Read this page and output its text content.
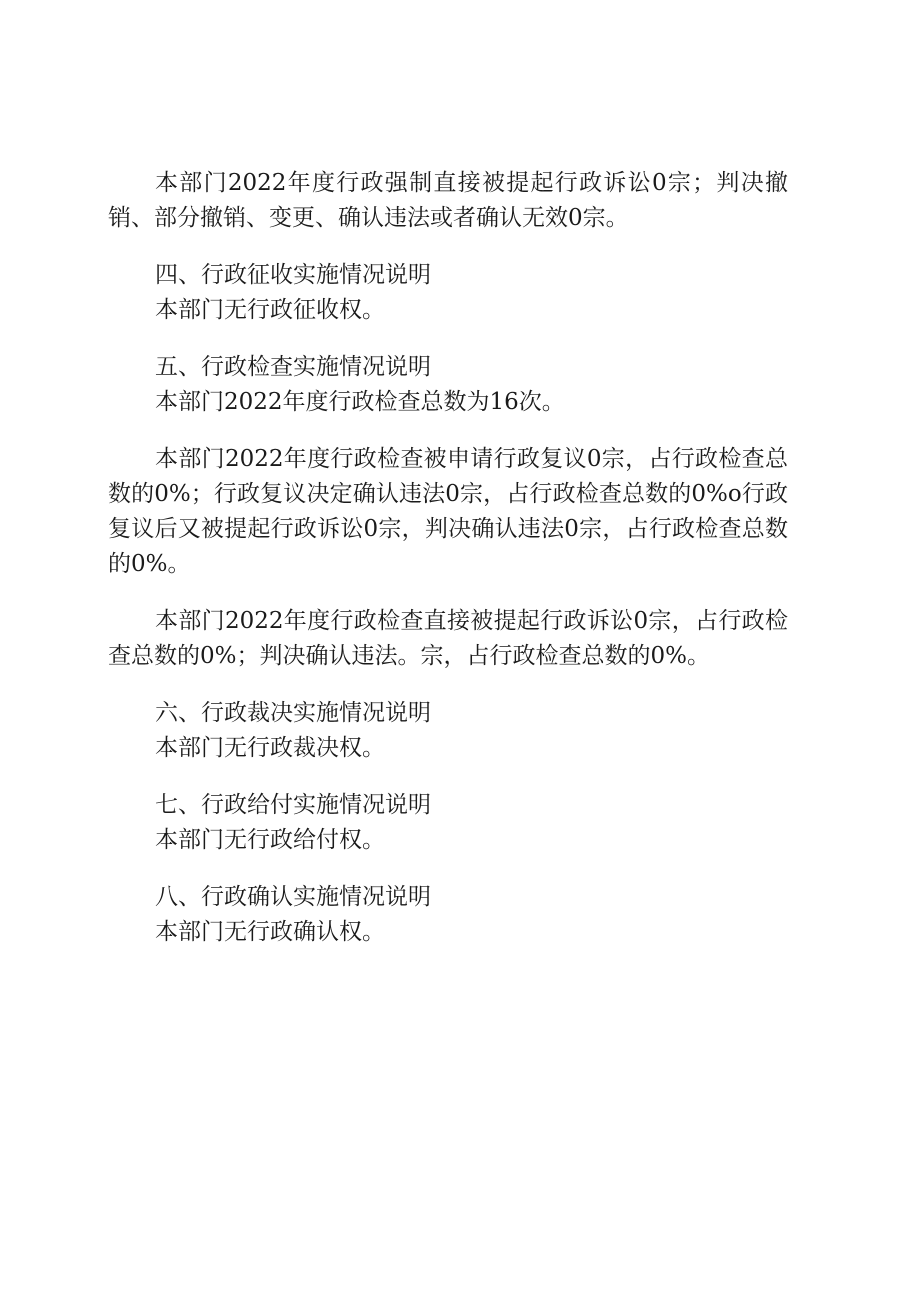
本部门2022年度行政强制直接被提起行政诉讼0宗；判决撤销、部分撤销、变更、确认违法或者确认无效0宗。

四、行政征收实施情况说明

本部门无行政征收权。

五、行政检查实施情况说明

本部门2022年度行政检查总数为16次。

本部门2022年度行政检查被申请行政复议0宗，占行政检查总数的0%；行政复议决定确认违法0宗，占行政检查总数的0%o行政复议后又被提起行政诉讼0宗，判决确认违法0宗，占行政检查总数的0%。

本部门2022年度行政检查直接被提起行政诉讼0宗，占行政检查总数的0%；判决确认违法。宗，占行政检查总数的0%。

六、行政裁决实施情况说明

本部门无行政裁决权。

七、行政给付实施情况说明

本部门无行政给付权。

八、行政确认实施情况说明

本部门无行政确认权。
